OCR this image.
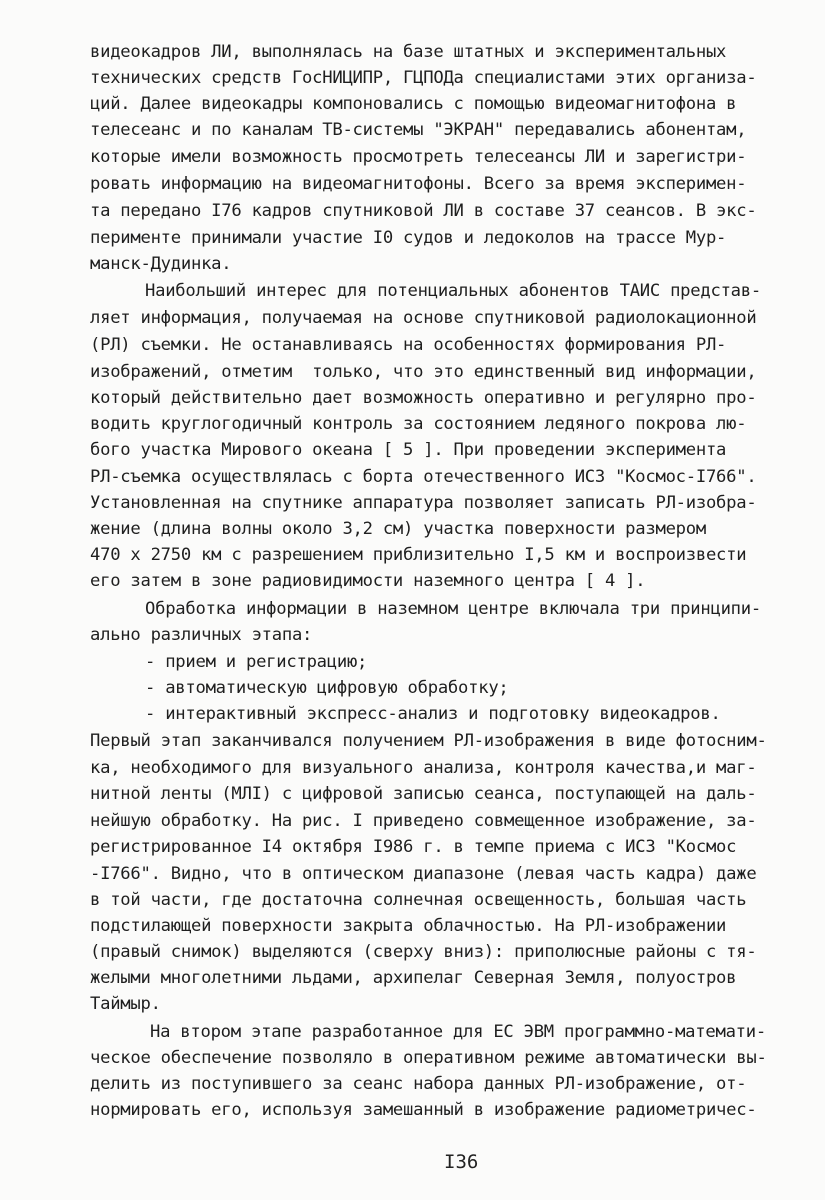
видеокадров ЛИ, выполнялась на базе штатных и экспериментальных
технических средств ГосНИЦИПР, ГЦПОДа специалистами этих организа-
ций. Далее видеокадры компоновались с помощью видеомагнитофона в
телесеанс и по каналам ТВ-системы "ЭКРАН" передавались абонентам,
которые имели возможность просмотреть телесеансы ЛИ и зарегистри-
ровать информацию на видеомагнитофоны. Всего за время эксперимен-
та передано I76 кадров спутниковой ЛИ в составе 37 сеансов. В экс-
перименте принимали участие I0 судов и ледоколов на трассе Мур-
манск-Дудинка.
Наибольший интерес для потенциальных абонентов ТАИС представ-
ляет информация, получаемая на основе спутниковой радиолокационной
(РЛ) съемки. Не останавливаясь на особенностях формирования РЛ-
изображений, отметим  только, что это единственный вид информации,
который действительно дает возможность оперативно и регулярно про-
водить круглогодичный контроль за состоянием ледяного покрова лю-
бого участка Мирового океана [ 5 ]. При проведении эксперимента
РЛ-съемка осуществлялась с борта отечественного ИСЗ "Космос-I766".
Установленная на спутнике аппаратура позволяет записать РЛ-изобра-
жение (длина волны около 3,2 см) участка поверхности размером
470 х 2750 км с разрешением приблизительно I,5 км и воспроизвести
его затем в зоне радиовидимости наземного центра [ 4 ].
Обработка информации в наземном центре включала три принципи-
ально различных этапа:
- прием и регистрацию;
- автоматическую цифровую обработку;
- интерактивный экспресс-анализ и подготовку видеокадров.
Первый этап заканчивался получением РЛ-изображения в виде фотосним-
ка, необходимого для визуального анализа, контроля качества,и маг-
нитной ленты (МЛI) с цифровой записью сеанса, поступающей на даль-
нейшую обработку. На рис. I приведено совмещенное изображение, за-
регистрированное I4 октября I986 г. в темпе приема с ИСЗ "Космос
-I766". Видно, что в оптическом диапазоне (левая часть кадра) даже
в той части, где достаточна солнечная освещенность, большая часть
подстилающей поверхности закрыта облачностью. На РЛ-изображении
(правый снимок) выделяются (сверху вниз): приполюсные районы с тя-
желыми многолетними льдами, архипелаг Северная Земля, полуостров
Таймыр.
На втором этапе разработанное для ЕС ЭВМ программно-математи-
ческое обеспечение позволяло в оперативном режиме автоматически вы-
делить из поступившего за сеанс набора данных РЛ-изображение, от-
нормировать его, используя замешанный в изображение радиометричес-
I36
